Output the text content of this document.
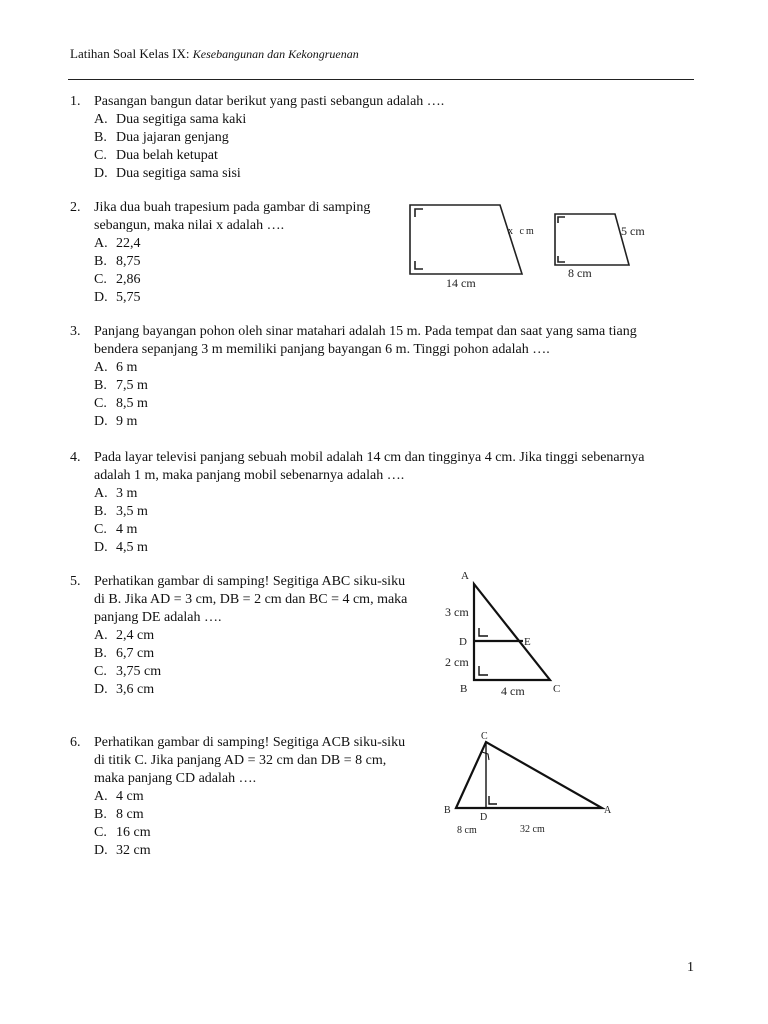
Latihan Soal Kelas IX: Kesebangunan dan Kekongruenan
1. Pasangan bangun datar berikut yang pasti sebangun adalah ….
A. Dua segitiga sama kaki
B. Dua jajaran genjang
C. Dua belah ketupat
D. Dua segitiga sama sisi
2. Jika dua buah trapesium pada gambar di samping
sebangun, maka nilai x adalah ….
A. 22,4
B. 8,75
C. 2,86
D. 5,75
3. Panjang bayangan pohon oleh sinar matahari adalah 15 m. Pada tempat dan saat yang sama tiang
bendera sepanjang 3 m memiliki panjang bayangan 6 m. Tinggi pohon adalah ….
A. 6 m
B. 7,5 m
C. 8,5 m
D. 9 m
4. Pada layar televisi panjang sebuah mobil adalah 14 cm dan tingginya 4 cm. Jika tinggi sebenarnya
adalah 1 m, maka panjang mobil sebenarnya adalah ….
A. 3 m
B. 3,5 m
C. 4 m
D. 4,5 m
5. Perhatikan gambar di samping! Segitiga ABC siku-siku
di B. Jika AD = 3 cm, DB = 2 cm dan BC = 4 cm, maka
panjang DE adalah ….
A. 2,4 cm
B. 6,7 cm
C. 3,75 cm
D. 3,6 cm
6. Perhatikan gambar di samping! Segitiga ACB siku-siku
di titik C. Jika panjang AD = 32 cm dan DB = 8 cm,
maka panjang CD adalah ….
A. 4 cm
B. 8 cm
C. 16 cm
D. 32 cm
x cm
14 cm
5 cm
8 cm
A
D	E
B	C
3 cm
2 cm
4 cm
C
B	A
D
8 cm	32 cm
1
